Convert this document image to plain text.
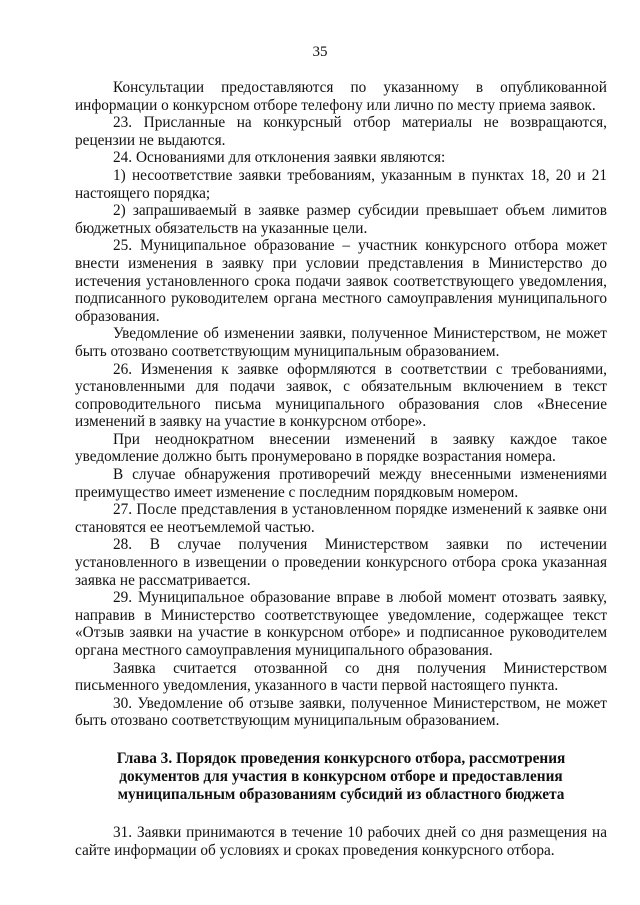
35

Консультации предоставляются по указанному в опубликованной информации о конкурсном отборе телефону или лично по месту приема заявок.

23. Присланные на конкурсный отбор материалы не возвращаются, рецензии не выдаются.

24. Основаниями для отклонения заявки являются:

1) несоответствие заявки требованиям, указанным в пунктах 18, 20 и 21 настоящего порядка;

2) запрашиваемый в заявке размер субсидии превышает объем лимитов бюджетных обязательств на указанные цели.

25. Муниципальное образование – участник конкурсного отбора может внести изменения в заявку при условии представления в Министерство до истечения установленного срока подачи заявок соответствующего уведомления, подписанного руководителем органа местного самоуправления муниципального образования.

Уведомление об изменении заявки, полученное Министерством, не может быть отозвано соответствующим муниципальным образованием.

26. Изменения к заявке оформляются в соответствии с требованиями, установленными для подачи заявок, с обязательным включением в текст сопроводительного письма муниципального образования слов «Внесение изменений в заявку на участие в конкурсном отборе».

При неоднократном внесении изменений в заявку каждое такое уведомление должно быть пронумеровано в порядке возрастания номера.

В случае обнаружения противоречий между внесенными изменениями преимущество имеет изменение с последним порядковым номером.

27. После представления в установленном порядке изменений к заявке они становятся ее неотъемлемой частью.

28. В случае получения Министерством заявки по истечении установленного в извещении о проведении конкурсного отбора срока указанная заявка не рассматривается.

29. Муниципальное образование вправе в любой момент отозвать заявку, направив в Министерство соответствующее уведомление, содержащее текст «Отзыв заявки на участие в конкурсном отборе» и подписанное руководителем органа местного самоуправления муниципального образования.

Заявка считается отозванной со дня получения Министерством письменного уведомления, указанного в части первой настоящего пункта.

30. Уведомление об отзыве заявки, полученное Министерством, не может быть отозвано соответствующим муниципальным образованием.

Глава 3. Порядок проведения конкурсного отбора, рассмотрения документов для участия в конкурсном отборе и предоставления муниципальным образованиям субсидий из областного бюджета

31. Заявки принимаются в течение 10 рабочих дней со дня размещения на сайте информации об условиях и сроках проведения конкурсного отбора.
